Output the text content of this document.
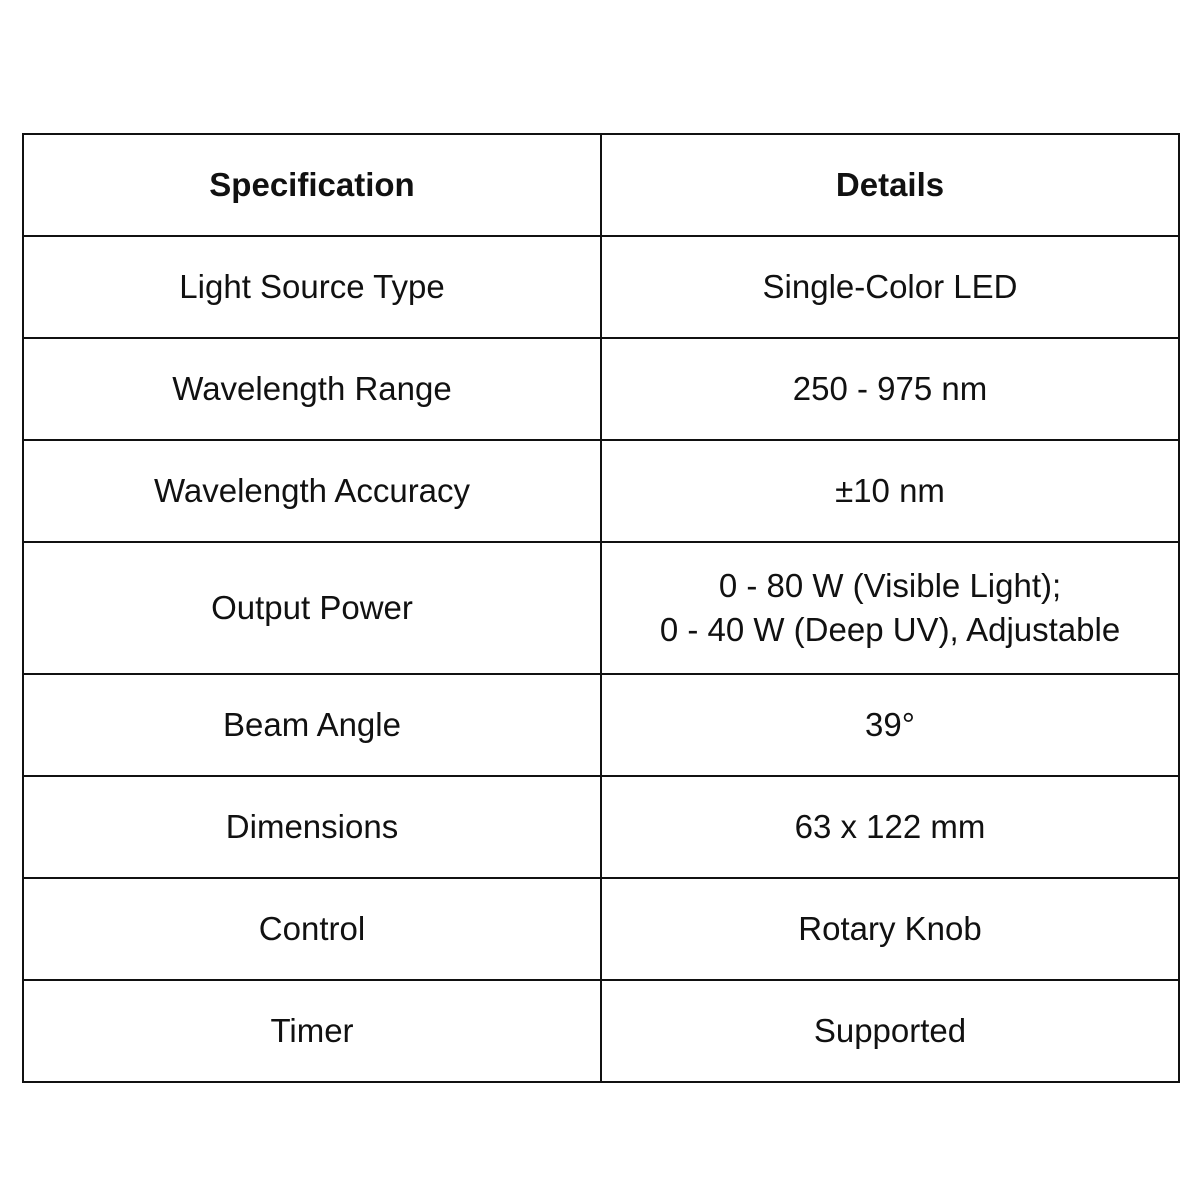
Specification	Details
Light Source Type	Single-Color LED

Wavelength Range	250 - 975 nm

Wavelength Accuracy	±10 nm

Output Power	0 - 80 W (Visible Light);
0 - 40 W (Deep UV), Adjustable

Beam Angle	39°

Dimensions	63 x 122 mm

Control	Rotary Knob

Timer	Supported
